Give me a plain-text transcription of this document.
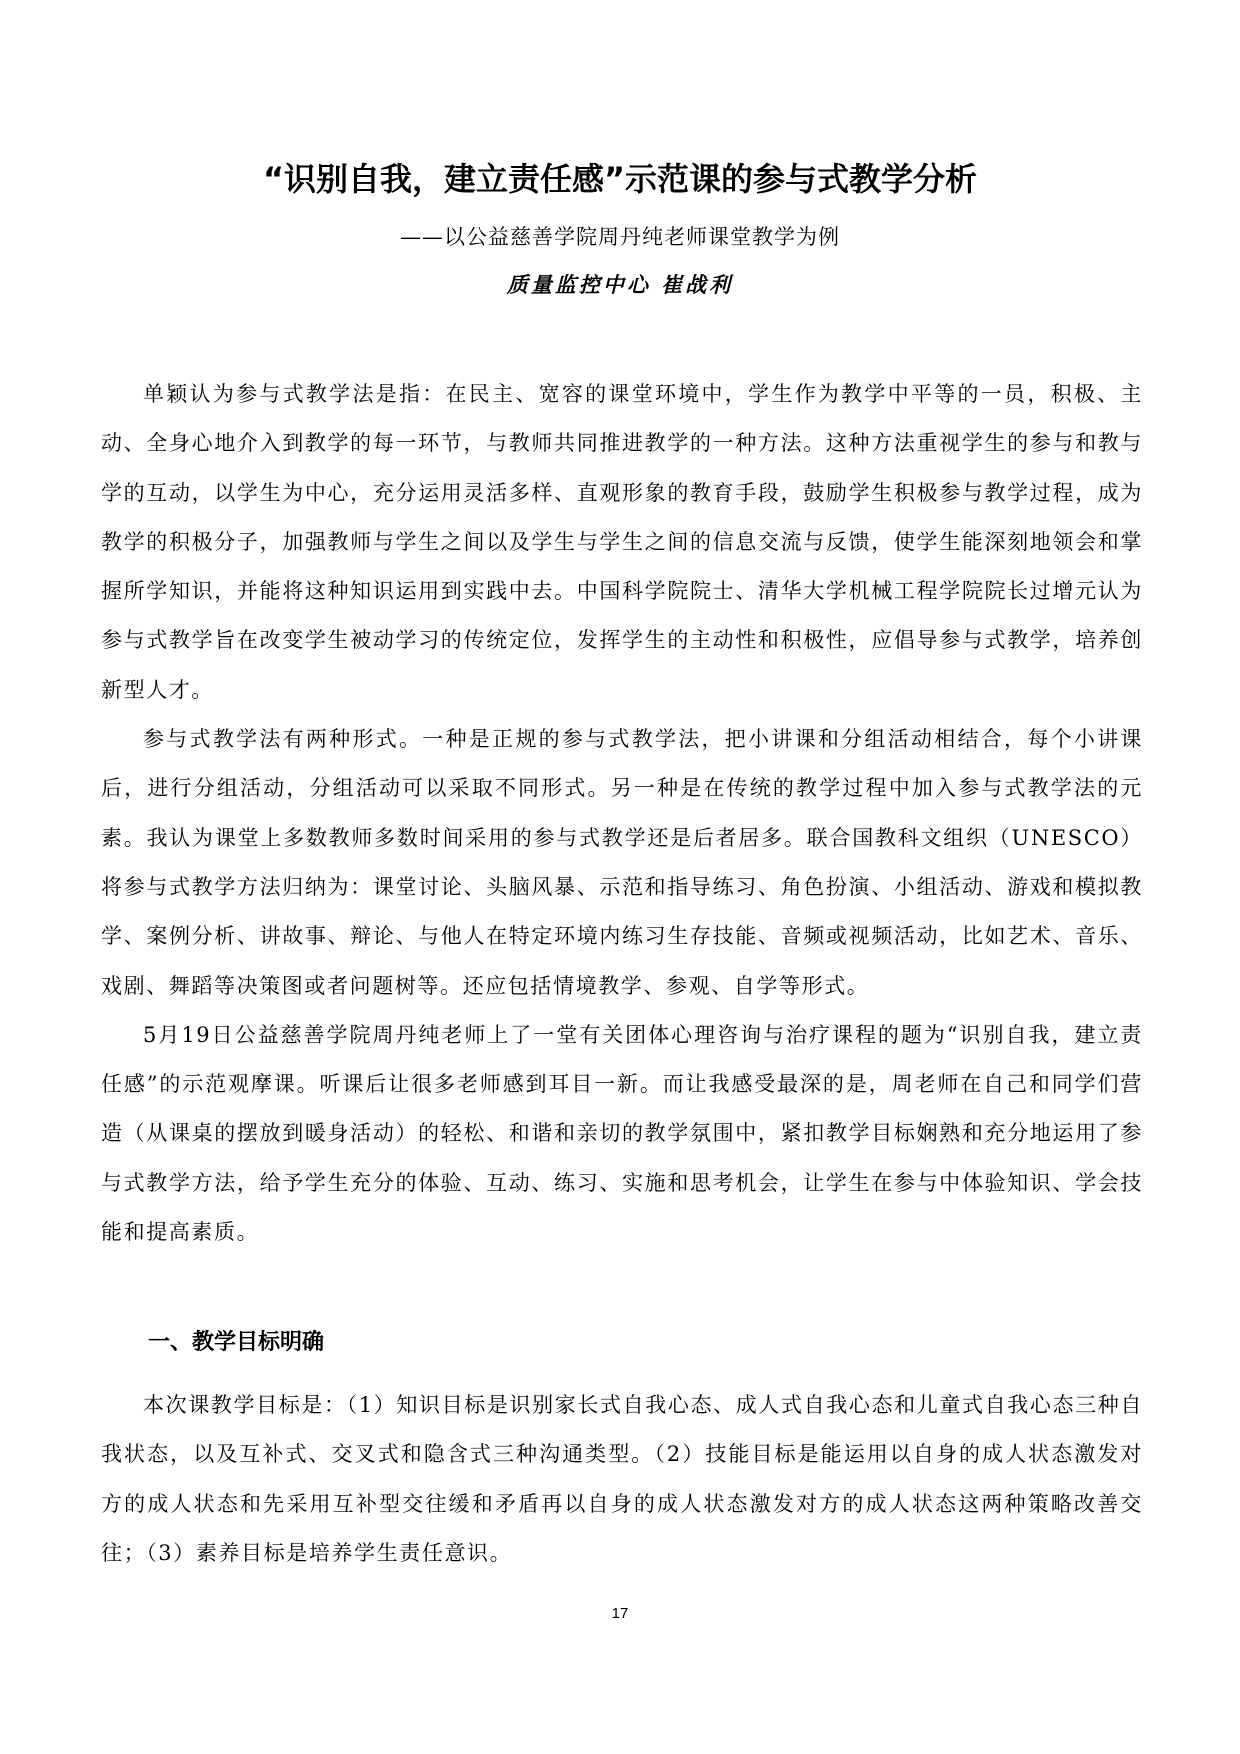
“识别自我，建立责任感”示范课的参与式教学分析
——以公益慈善学院周丹纯老师课堂教学为例
质量监控中心 崔战利

单颖认为参与式教学法是指：在民主、宽容的课堂环境中，学生作为教学中平等的一员，积极、主动、全身心地介入到教学的每一环节，与教师共同推进教学的一种方法。这种方法重视学生的参与和教与学的互动，以学生为中心，充分运用灵活多样、直观形象的教育手段，鼓励学生积极参与教学过程，成为教学的积极分子，加强教师与学生之间以及学生与学生之间的信息交流与反馈，使学生能深刻地领会和掌握所学知识，并能将这种知识运用到实践中去。中国科学院院士、清华大学机械工程学院院长过增元认为参与式教学旨在改变学生被动学习的传统定位，发挥学生的主动性和积极性，应倡导参与式教学，培养创新型人才。

参与式教学法有两种形式。一种是正规的参与式教学法，把小讲课和分组活动相结合，每个小讲课后，进行分组活动，分组活动可以采取不同形式。另一种是在传统的教学过程中加入参与式教学法的元素。我认为课堂上多数教师多数时间采用的参与式教学还是后者居多。联合国教科文组织（UNESCO）将参与式教学方法归纳为：课堂讨论、头脑风暴、示范和指导练习、角色扮演、小组活动、游戏和模拟教学、案例分析、讲故事、辩论、与他人在特定环境内练习生存技能、音频或视频活动，比如艺术、音乐、戏剧、舞蹈等决策图或者问题树等。还应包括情境教学、参观、自学等形式。

5月19日公益慈善学院周丹纯老师上了一堂有关团体心理咨询与治疗课程的题为“识别自我，建立责任感”的示范观摩课。听课后让很多老师感到耳目一新。而让我感受最深的是，周老师在自己和同学们营造（从课桌的摆放到暖身活动）的轻松、和谐和亲切的教学氛围中，紧扣教学目标娴熟和充分地运用了参与式教学方法，给予学生充分的体验、互动、练习、实施和思考机会，让学生在参与中体验知识、学会技能和提高素质。

一、教学目标明确

本次课教学目标是：（1）知识目标是识别家长式自我心态、成人式自我心态和儿童式自我心态三种自我状态，以及互补式、交叉式和隐含式三种沟通类型。（2）技能目标是能运用以自身的成人状态激发对方的成人状态和先采用互补型交往缓和矛盾再以自身的成人状态激发对方的成人状态这两种策略改善交往；（3）素养目标是培养学生责任意识。

17
